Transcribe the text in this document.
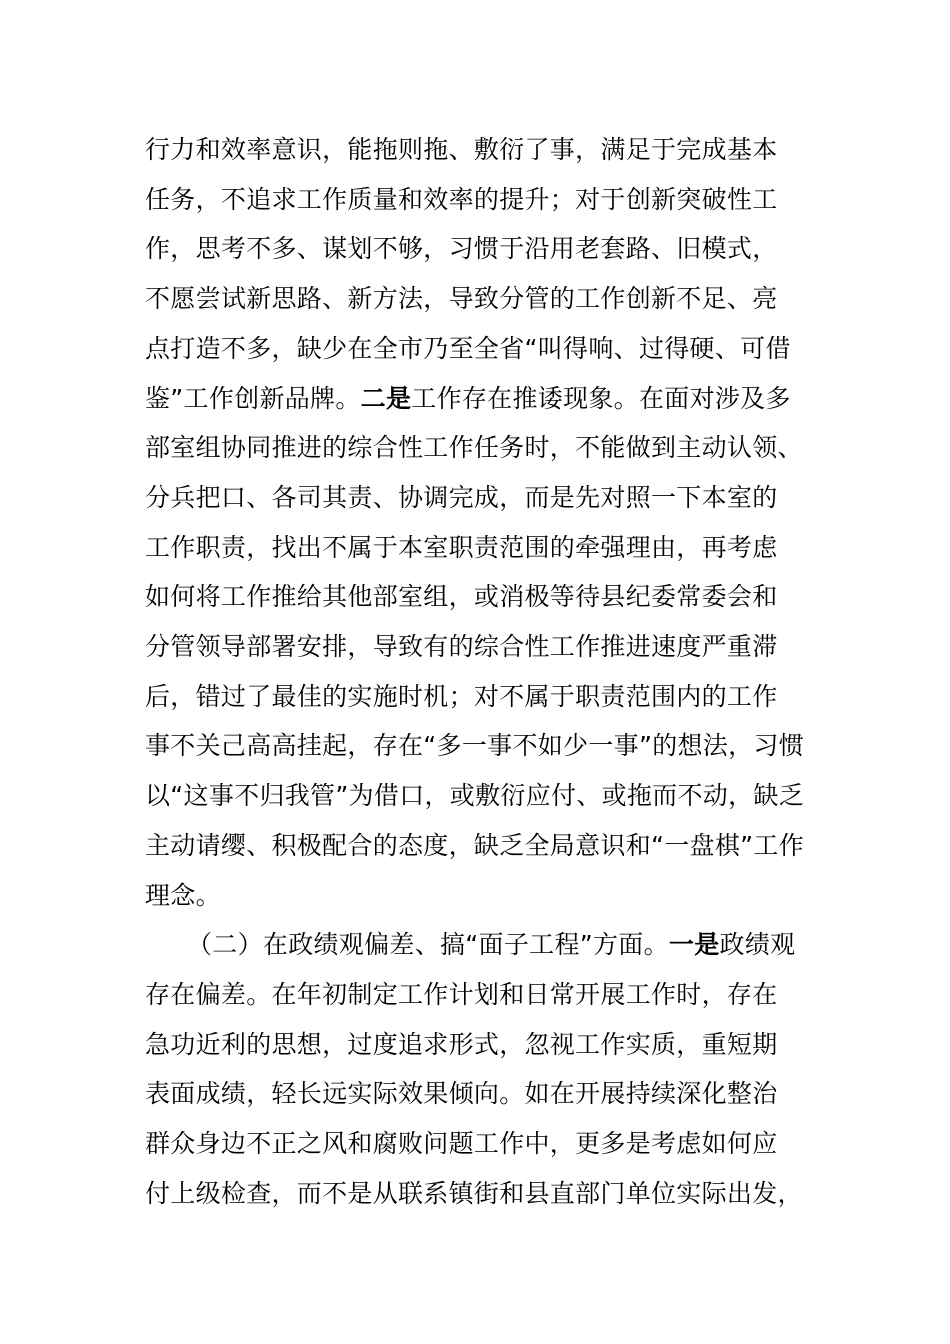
行力和效率意识，能拖则拖、敷衍了事，满足于完成基本
任务，不追求工作质量和效率的提升；对于创新突破性工
作，思考不多、谋划不够，习惯于沿用老套路、旧模式，
不愿尝试新思路、新方法，导致分管的工作创新不足、亮
点打造不多，缺少在全市乃至全省“叫得响、过得硬、可借
鉴”工作创新品牌。二是工作存在推诿现象。在面对涉及多
部室组协同推进的综合性工作任务时，不能做到主动认领、
分兵把口、各司其责、协调完成，而是先对照一下本室的
工作职责，找出不属于本室职责范围的牵强理由，再考虑
如何将工作推给其他部室组，或消极等待县纪委常委会和
分管领导部署安排，导致有的综合性工作推进速度严重滞
后，错过了最佳的实施时机；对不属于职责范围内的工作
事不关己高高挂起，存在“多一事不如少一事”的想法，习惯
以“这事不归我管”为借口，或敷衍应付、或拖而不动，缺乏
主动请缨、积极配合的态度，缺乏全局意识和“一盘棋”工作
理念。
（二）在政绩观偏差、搞“面子工程”方面。一是政绩观
存在偏差。在年初制定工作计划和日常开展工作时，存在
急功近利的思想，过度追求形式，忽视工作实质，重短期
表面成绩，轻长远实际效果倾向。如在开展持续深化整治
群众身边不正之风和腐败问题工作中，更多是考虑如何应
付上级检查，而不是从联系镇街和县直部门单位实际出发，
